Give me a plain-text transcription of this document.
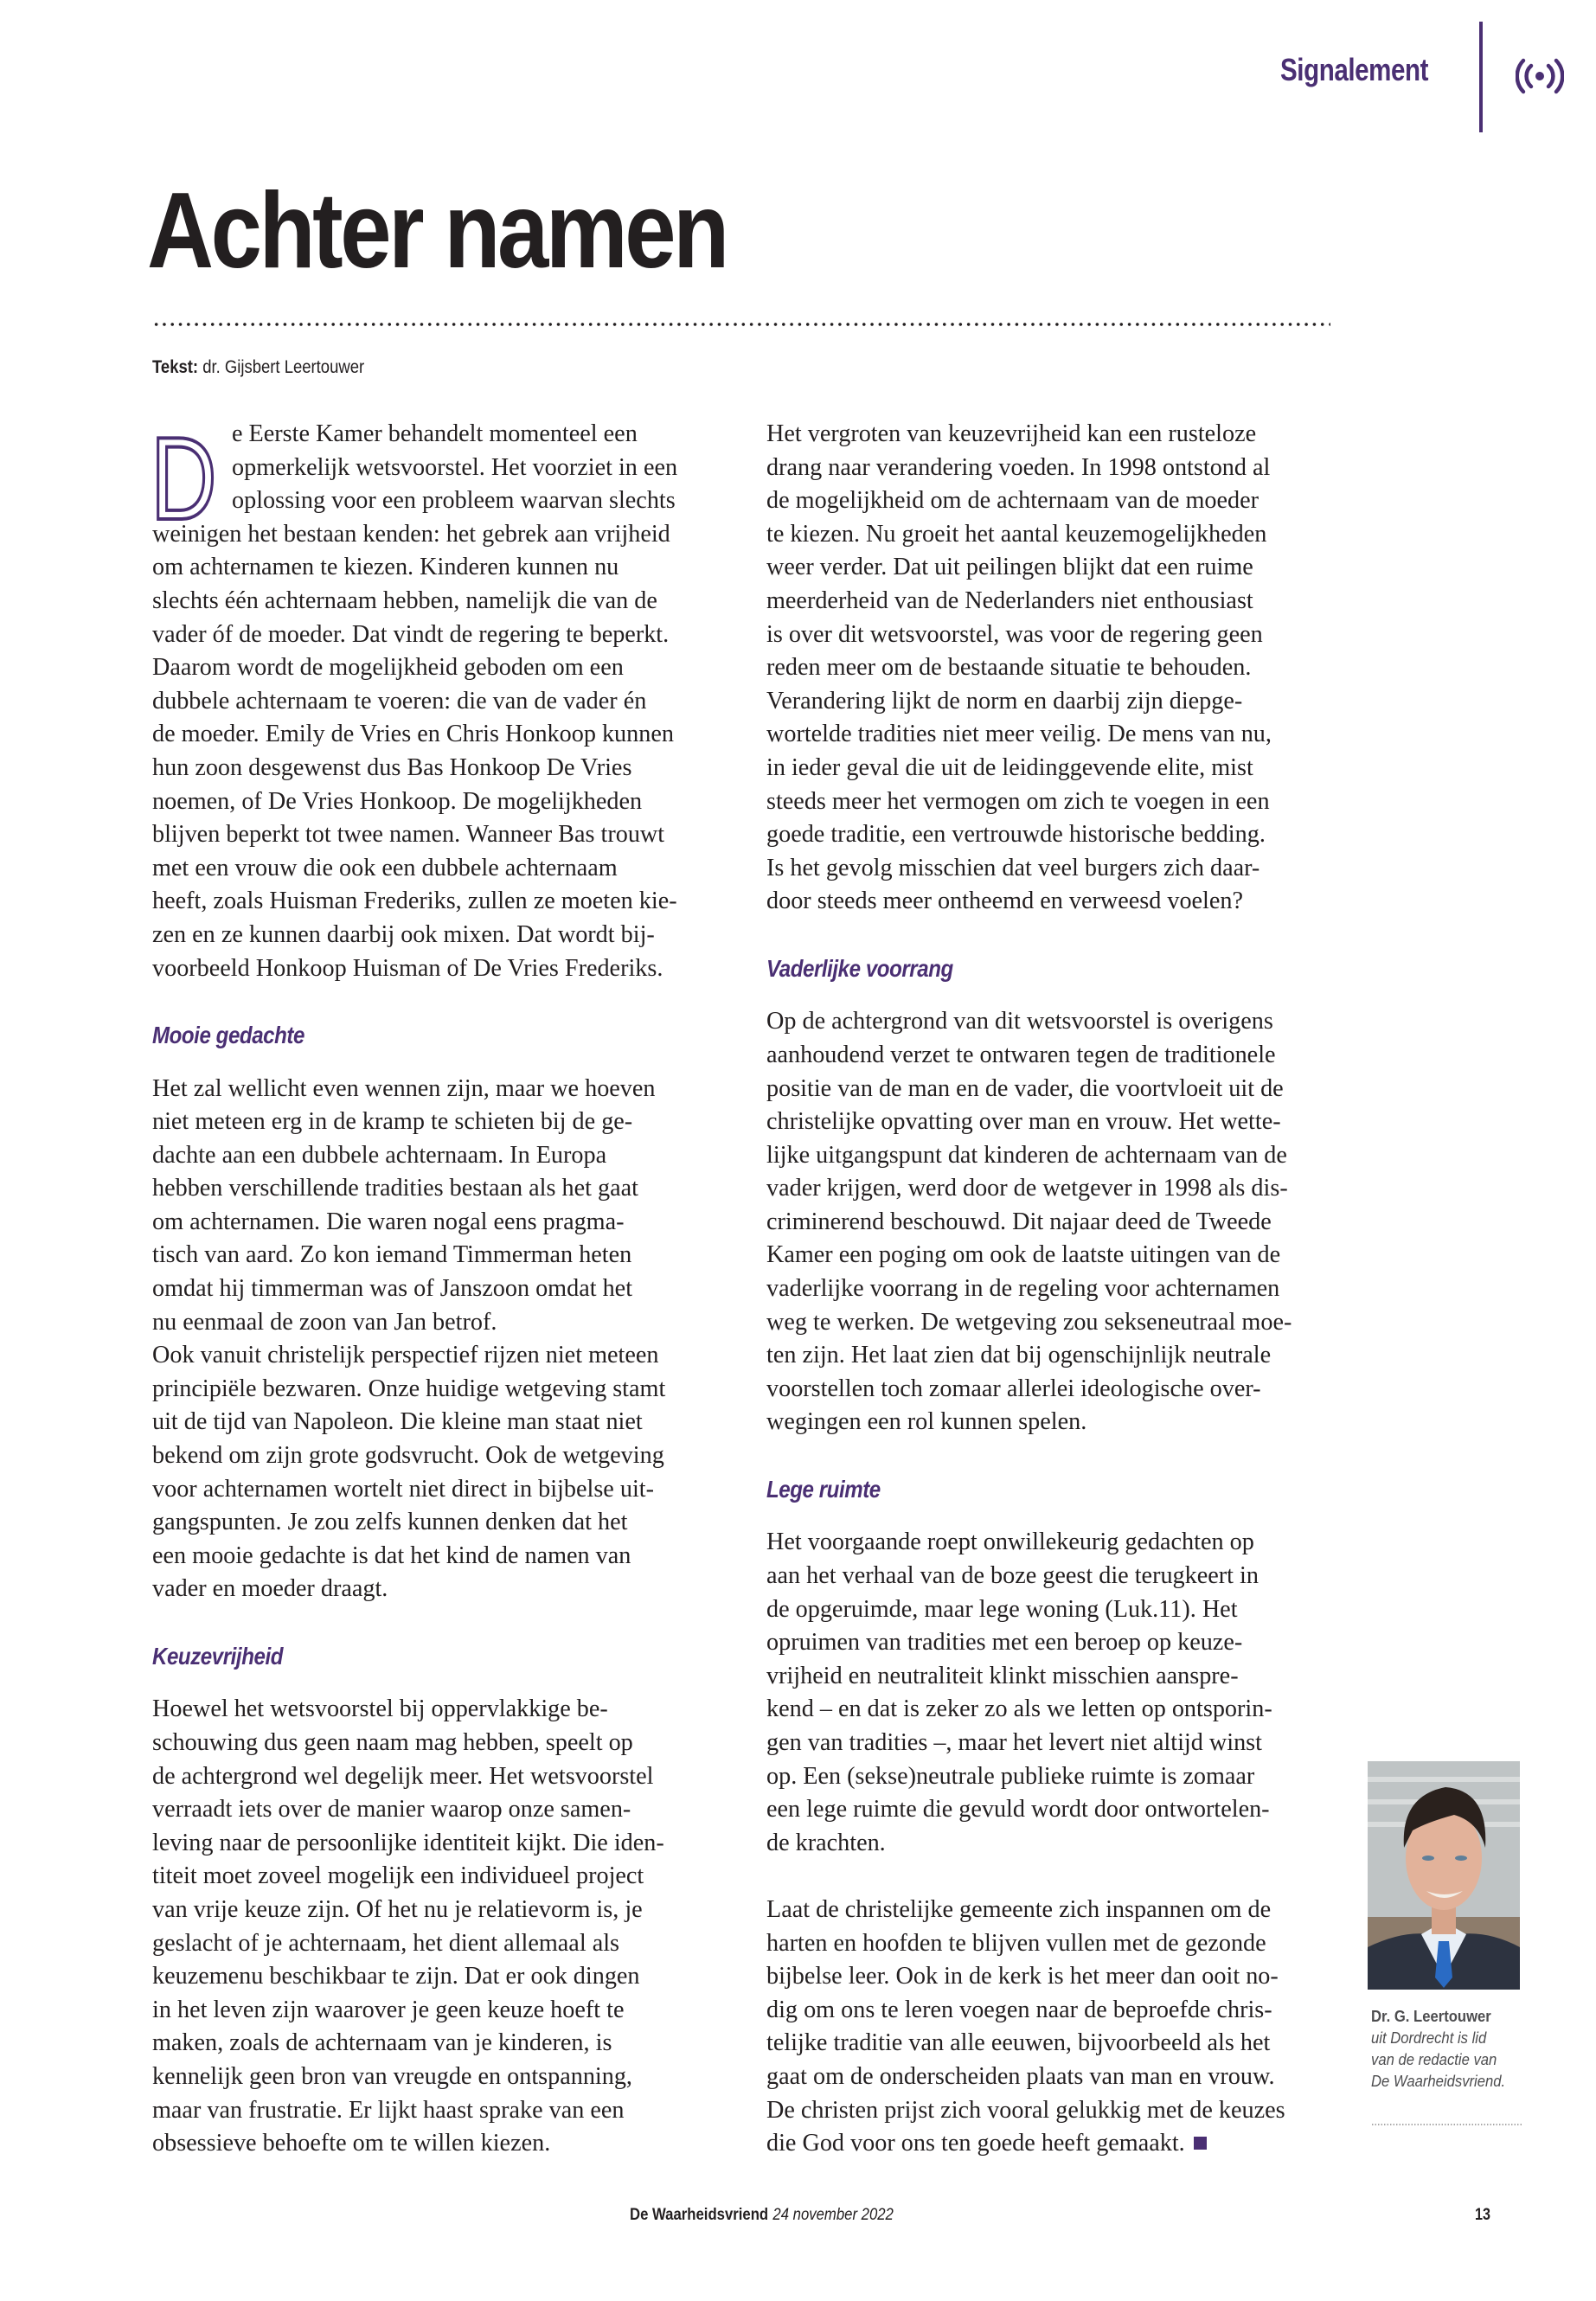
Signalement
Achter namen
Tekst: dr. Gijsbert Leertouwer
D e Eerste Kamer behandelt momenteel een
opmerkelijk wetsvoorstel. Het voorziet in een
oplossing voor een probleem waarvan slechts
weinigen het bestaan kenden: het gebrek aan vrijheid
om achternamen te kiezen. Kinderen kunnen nu
slechts één achternaam hebben, namelijk die van de
vader óf de moeder. Dat vindt de regering te beperkt.
Daarom wordt de mogelijkheid geboden om een
dubbele achternaam te voeren: die van de vader én
de moeder. Emily de Vries en Chris Honkoop kunnen
hun zoon desgewenst dus Bas Honkoop De Vries
noemen, of De Vries Honkoop. De mogelijkheden
blijven beperkt tot twee namen. Wanneer Bas trouwt
met een vrouw die ook een dubbele achternaam
heeft, zoals Huisman Frederiks, zullen ze moeten kie-
zen en ze kunnen daarbij ook mixen. Dat wordt bij-
voorbeeld Honkoop Huisman of De Vries Frederiks.
Mooie gedachte
Het zal wellicht even wennen zijn, maar we hoeven
niet meteen erg in de kramp te schieten bij de ge-
dachte aan een dubbele achternaam. In Europa
hebben verschillende tradities bestaan als het gaat
om achternamen. Die waren nogal eens pragma-
tisch van aard. Zo kon iemand Timmerman heten
omdat hij timmerman was of Janszoon omdat het
nu eenmaal de zoon van Jan betrof.
Ook vanuit christelijk perspectief rijzen niet meteen
principiële bezwaren. Onze huidige wetgeving stamt
uit de tijd van Napoleon. Die kleine man staat niet
bekend om zijn grote godsvrucht. Ook de wetgeving
voor achternamen wortelt niet direct in bijbelse uit-
gangspunten. Je zou zelfs kunnen denken dat het
een mooie gedachte is dat het kind de namen van
vader en moeder draagt.
Keuzevrijheid
Hoewel het wetsvoorstel bij oppervlakkige be-
schouwing dus geen naam mag hebben, speelt op
de achtergrond wel degelijk meer. Het wetsvoorstel
verraadt iets over de manier waarop onze samen-
leving naar de persoonlijke identiteit kijkt. Die iden-
titeit moet zoveel mogelijk een individueel project
van vrije keuze zijn. Of het nu je relatievorm is, je
geslacht of je achternaam, het dient allemaal als
keuzemenu beschikbaar te zijn. Dat er ook dingen
in het leven zijn waarover je geen keuze hoeft te
maken, zoals de achternaam van je kinderen, is
kennelijk geen bron van vreugde en ontspanning,
maar van frustratie. Er lijkt haast sprake van een
obsessieve behoefte om te willen kiezen.
Het vergroten van keuzevrijheid kan een rusteloze
drang naar verandering voeden. In 1998 ontstond al
de mogelijkheid om de achternaam van de moeder
te kiezen. Nu groeit het aantal keuzemogelijkheden
weer verder. Dat uit peilingen blijkt dat een ruime
meerderheid van de Nederlanders niet enthousiast
is over dit wetsvoorstel, was voor de regering geen
reden meer om de bestaande situatie te behouden.
Verandering lijkt de norm en daarbij zijn diepge-
wortelde tradities niet meer veilig. De mens van nu,
in ieder geval die uit de leidinggevende elite, mist
steeds meer het vermogen om zich te voegen in een
goede traditie, een vertrouwde historische bedding.
Is het gevolg misschien dat veel burgers zich daar-
door steeds meer ontheemd en verweesd voelen?
Vaderlijke voorrang
Op de achtergrond van dit wetsvoorstel is overigens
aanhoudend verzet te ontwaren tegen de traditionele
positie van de man en de vader, die voortvloeit uit de
christelijke opvatting over man en vrouw. Het wette-
lijke uitgangspunt dat kinderen de achternaam van de
vader krijgen, werd door de wetgever in 1998 als dis-
criminerend beschouwd. Dit najaar deed de Tweede
Kamer een poging om ook de laatste uitingen van de
vaderlijke voorrang in de regeling voor achternamen
weg te werken. De wetgeving zou sekseneutraal moe-
ten zijn. Het laat zien dat bij ogenschijnlijk neutrale
voorstellen toch zomaar allerlei ideologische over-
wegingen een rol kunnen spelen.
Lege ruimte
Het voorgaande roept onwillekeurig gedachten op
aan het verhaal van de boze geest die terugkeert in
de opgeruimde, maar lege woning (Luk.11). Het
opruimen van tradities met een beroep op keuze-
vrijheid en neutraliteit klinkt misschien aanspre-
kend – en dat is zeker zo als we letten op ontsporin-
gen van tradities –, maar het levert niet altijd winst
op. Een (sekse)neutrale publieke ruimte is zomaar
een lege ruimte die gevuld wordt door ontwortelen-
de krachten.
Laat de christelijke gemeente zich inspannen om de
harten en hoofden te blijven vullen met de gezonde
bijbelse leer. Ook in de kerk is het meer dan ooit no-
dig om ons te leren voegen naar de beproefde chris-
telijke traditie van alle eeuwen, bijvoorbeeld als het
gaat om de onderscheiden plaats van man en vrouw.
De christen prijst zich vooral gelukkig met de keuzes
die God voor ons ten goede heeft gemaakt.
Dr. G. Leertouwer
uit Dordrecht is lid
van de redactie van
De Waarheidsvriend.
De Waarheidsvriend 24 november 2022	13
